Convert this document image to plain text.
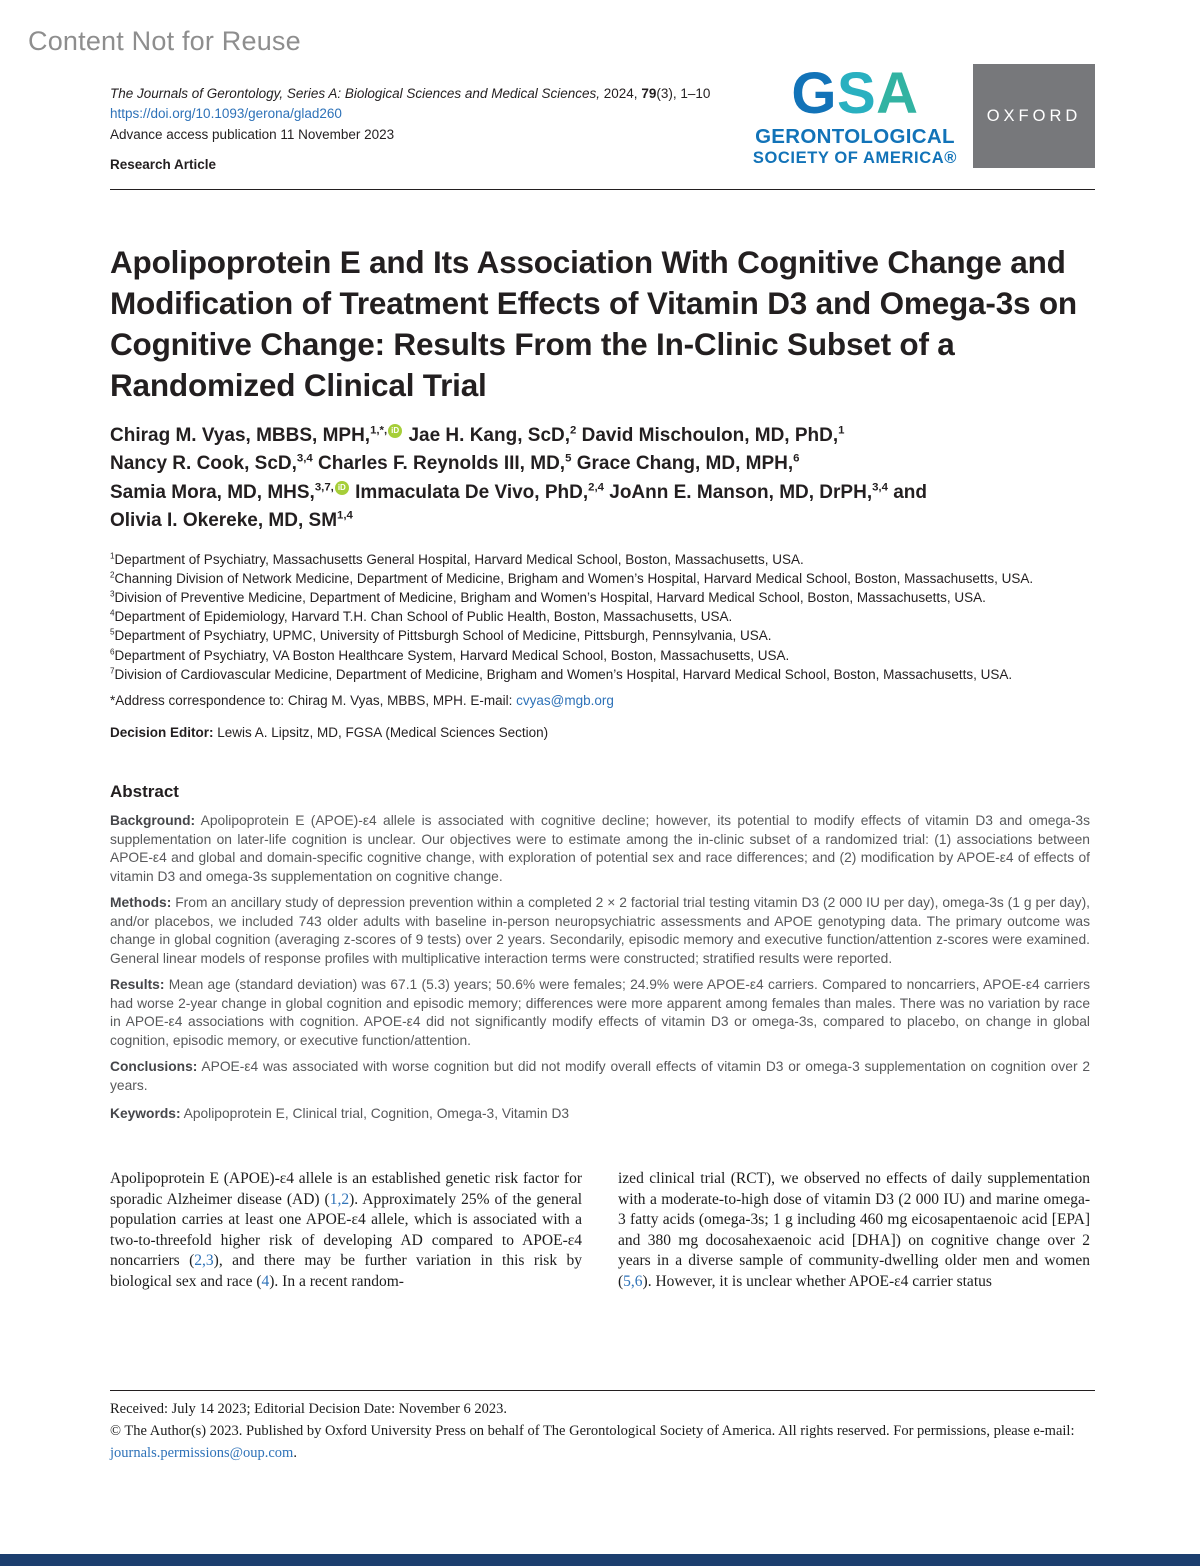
Content Not for Reuse
The Journals of Gerontology, Series A: Biological Sciences and Medical Sciences, 2024, 79(3), 1–10
https://doi.org/10.1093/gerona/glad260
Advance access publication 11 November 2023
Research Article
GSA
GERONTOLOGICAL
SOCIETY OF AMERICA®
OXFORD
Apolipoprotein E and Its Association With Cognitive Change and Modification of Treatment Effects of Vitamin D3 and Omega-3s on Cognitive Change: Results From the In-Clinic Subset of a Randomized Clinical Trial
Chirag M. Vyas, MBBS, MPH,$^{1,*,}$ iD Jae H. Kang, ScD,$^2$ David Mischoulon, MD, PhD,$^1$
Nancy R. Cook, ScD,$^{3,4}$ Charles F. Reynolds III, MD,$^5$ Grace Chang, MD, MPH,$^6$
Samia Mora, MD, MHS,$^{3,7,}$ iD Immaculata De Vivo, PhD,$^{2,4}$ JoAnn E. Manson, MD, DrPH,$^{3,4}$ and
Olivia I. Okereke, MD, SM$^{1,4}$
$^1$Department of Psychiatry, Massachusetts General Hospital, Harvard Medical School, Boston, Massachusetts, USA.
$^2$Channing Division of Network Medicine, Department of Medicine, Brigham and Women’s Hospital, Harvard Medical School, Boston, Massachusetts, USA.
$^3$Division of Preventive Medicine, Department of Medicine, Brigham and Women’s Hospital, Harvard Medical School, Boston, Massachusetts, USA.
$^4$Department of Epidemiology, Harvard T.H. Chan School of Public Health, Boston, Massachusetts, USA.
$^5$Department of Psychiatry, UPMC, University of Pittsburgh School of Medicine, Pittsburgh, Pennsylvania, USA.
$^6$Department of Psychiatry, VA Boston Healthcare System, Harvard Medical School, Boston, Massachusetts, USA.
$^7$Division of Cardiovascular Medicine, Department of Medicine, Brigham and Women’s Hospital, Harvard Medical School, Boston, Massachusetts, USA.
*Address correspondence to: Chirag M. Vyas, MBBS, MPH. E-mail: cvyas@mgb.org
Decision Editor: Lewis A. Lipsitz, MD, FGSA (Medical Sciences Section)
Abstract

Background: Apolipoprotein E (APOE)-ε4 allele is associated with cognitive decline; however, its potential to modify effects of vitamin D3 and omega-3s supplementation on later-life cognition is unclear. Our objectives were to estimate among the in-clinic subset of a randomized trial: (1) associations between APOE-ε4 and global and domain-specific cognitive change, with exploration of potential sex and race differences; and (2) modification by APOE-ε4 of effects of vitamin D3 and omega-3s supplementation on cognitive change.

Methods: From an ancillary study of depression prevention within a completed 2 × 2 factorial trial testing vitamin D3 (2 000 IU per day), omega-3s (1 g per day), and/or placebos, we included 743 older adults with baseline in-person neuropsychiatric assessments and APOE genotyping data. The primary outcome was change in global cognition (averaging z-scores of 9 tests) over 2 years. Secondarily, episodic memory and executive function/attention z-scores were examined. General linear models of response profiles with multiplicative interaction terms were constructed; stratified results were reported.

Results: Mean age (standard deviation) was 67.1 (5.3) years; 50.6% were females; 24.9% were APOE-ε4 carriers. Compared to noncarriers, APOE-ε4 carriers had worse 2-year change in global cognition and episodic memory; differences were more apparent among females than males. There was no variation by race in APOE-ε4 associations with cognition. APOE-ε4 did not significantly modify effects of vitamin D3 or omega-3s, compared to placebo, on change in global cognition, episodic memory, or executive function/attention.

Conclusions: APOE-ε4 was associated with worse cognition but did not modify overall effects of vitamin D3 or omega-3 supplementation on cognition over 2 years.

Keywords: Apolipoprotein E, Clinical trial, Cognition, Omega-3, Vitamin D3

Apolipoprotein E (APOE)-ε4 allele is an established genetic risk factor for sporadic Alzheimer disease (AD) (1,2). Approximately 25% of the general population carries at least one APOE-ε4 allele, which is associated with a two-to-threefold higher risk of developing AD compared to APOE-ε4 noncarriers (2,3), and there may be further variation in this risk by biological sex and race (4). In a recent random-
ized clinical trial (RCT), we observed no effects of daily supplementation with a moderate-to-high dose of vitamin D3 (2 000 IU) and marine omega-3 fatty acids (omega-3s; 1 g including 460 mg eicosapentaenoic acid [EPA] and 380 mg docosahexaenoic acid [DHA]) on cognitive change over 2 years in a diverse sample of community-dwelling older men and women (5,6). However, it is unclear whether APOE-ε4 carrier status
Received: July 14 2023; Editorial Decision Date: November 6 2023.
© The Author(s) 2023. Published by Oxford University Press on behalf of The Gerontological Society of America. All rights reserved. For permissions, please e-mail: journals.permissions@oup.com.
